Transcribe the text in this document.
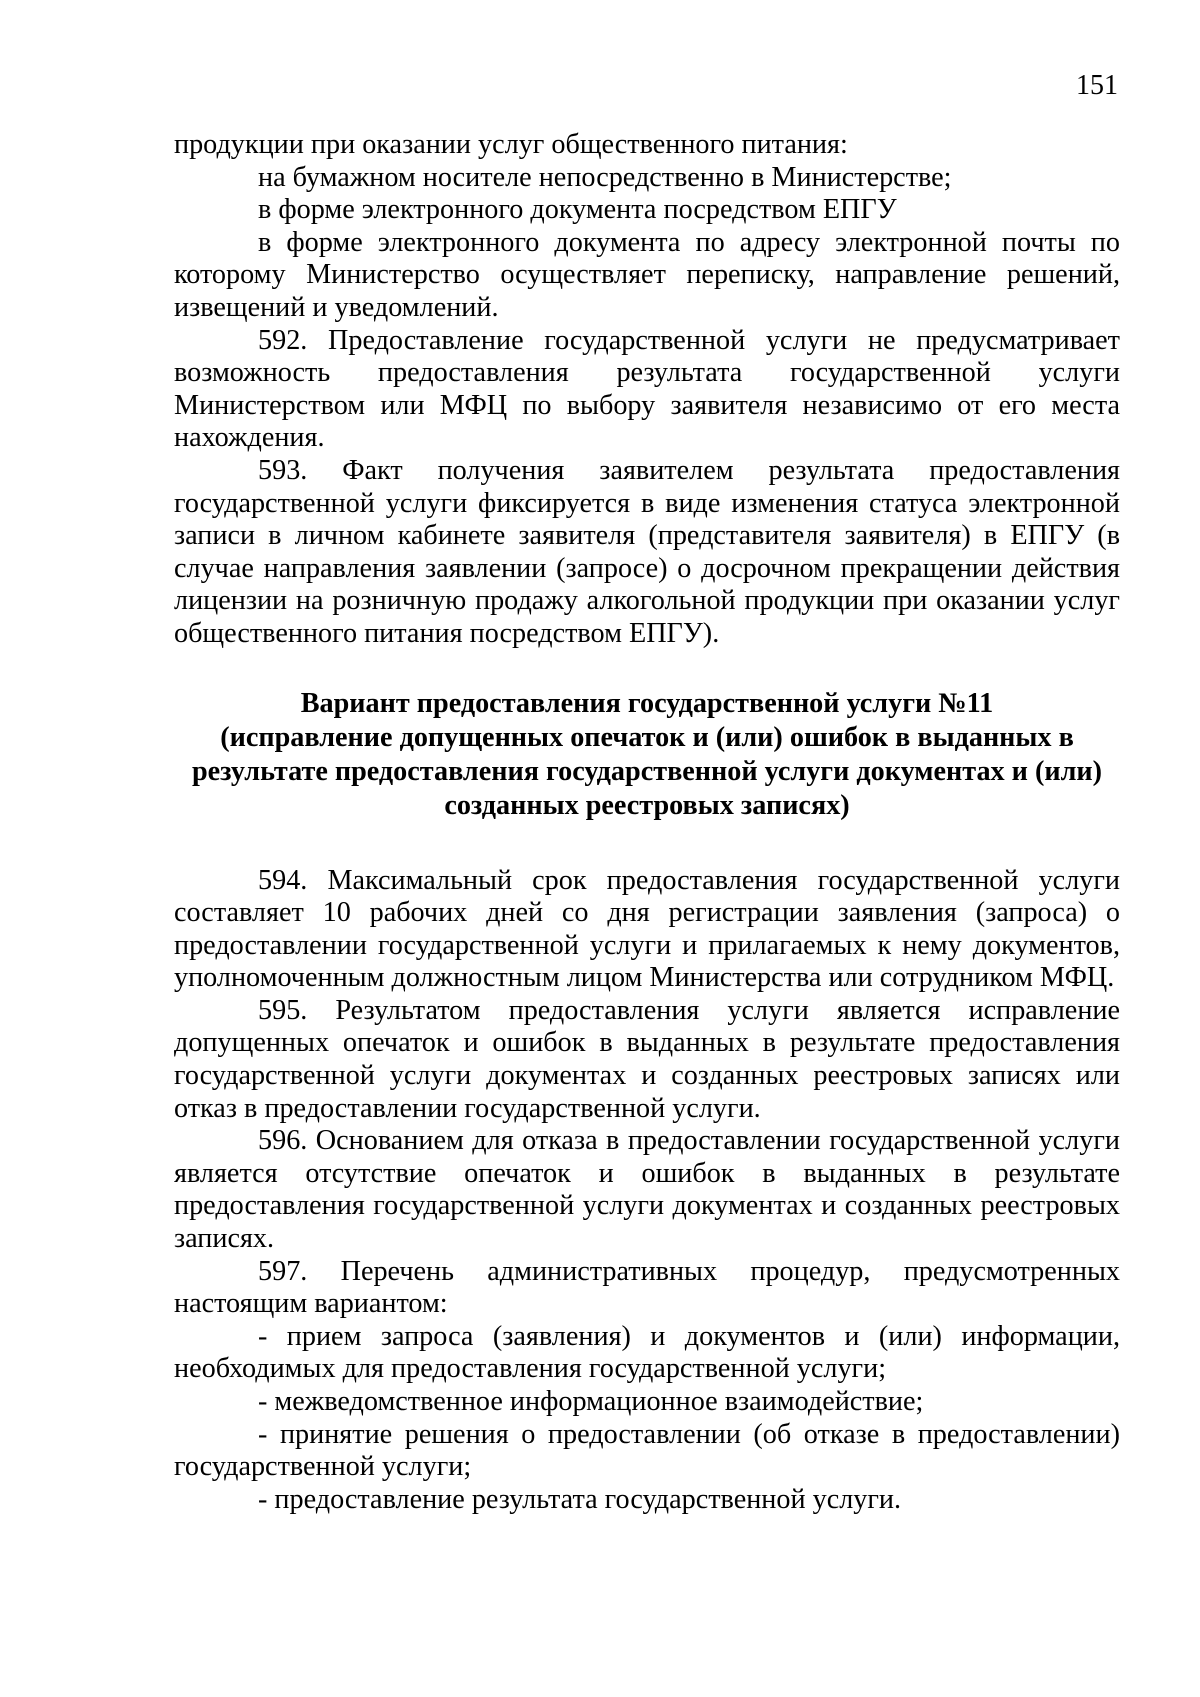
151

продукции при оказании услуг общественного питания:

на бумажном носителе непосредственно в Министерстве;

в форме электронного документа посредством ЕПГУ

в форме электронного документа по адресу электронной почты по которому Министерство осуществляет переписку, направление решений, извещений и уведомлений.

592. Предоставление государственной услуги не предусматривает возможность предоставления результата государственной услуги Министерством или МФЦ по выбору заявителя независимо от его места нахождения.

593. Факт получения заявителем результата предоставления государственной услуги фиксируется в виде изменения статуса электронной записи в личном кабинете заявителя (представителя заявителя) в ЕПГУ (в случае направления заявлении (запросе) о досрочном прекращении действия лицензии на розничную продажу алкогольной продукции при оказании услуг общественного питания посредством ЕПГУ).

Вариант предоставления государственной услуги №11
(исправление допущенных опечаток и (или) ошибок в выданных в
результате предоставления государственной услуги документах и (или)
созданных реестровых записях)

594. Максимальный срок предоставления государственной услуги составляет 10 рабочих дней со дня регистрации заявления (запроса) о предоставлении государственной услуги и прилагаемых к нему документов, уполномоченным должностным лицом Министерства или сотрудником МФЦ.

595. Результатом предоставления услуги является исправление допущенных опечаток и ошибок в выданных в результате предоставления государственной услуги документах и созданных реестровых записях или отказ в предоставлении государственной услуги.

596. Основанием для отказа в предоставлении государственной услуги является отсутствие опечаток и ошибок в выданных в результате предоставления государственной услуги документах и созданных реестровых записях.

597. Перечень административных процедур, предусмотренных настоящим вариантом:

- прием запроса (заявления) и документов и (или) информации, необходимых для предоставления государственной услуги;

- межведомственное информационное взаимодействие;

- принятие решения о предоставлении (об отказе в предоставлении) государственной услуги;

- предоставление результата государственной услуги.
